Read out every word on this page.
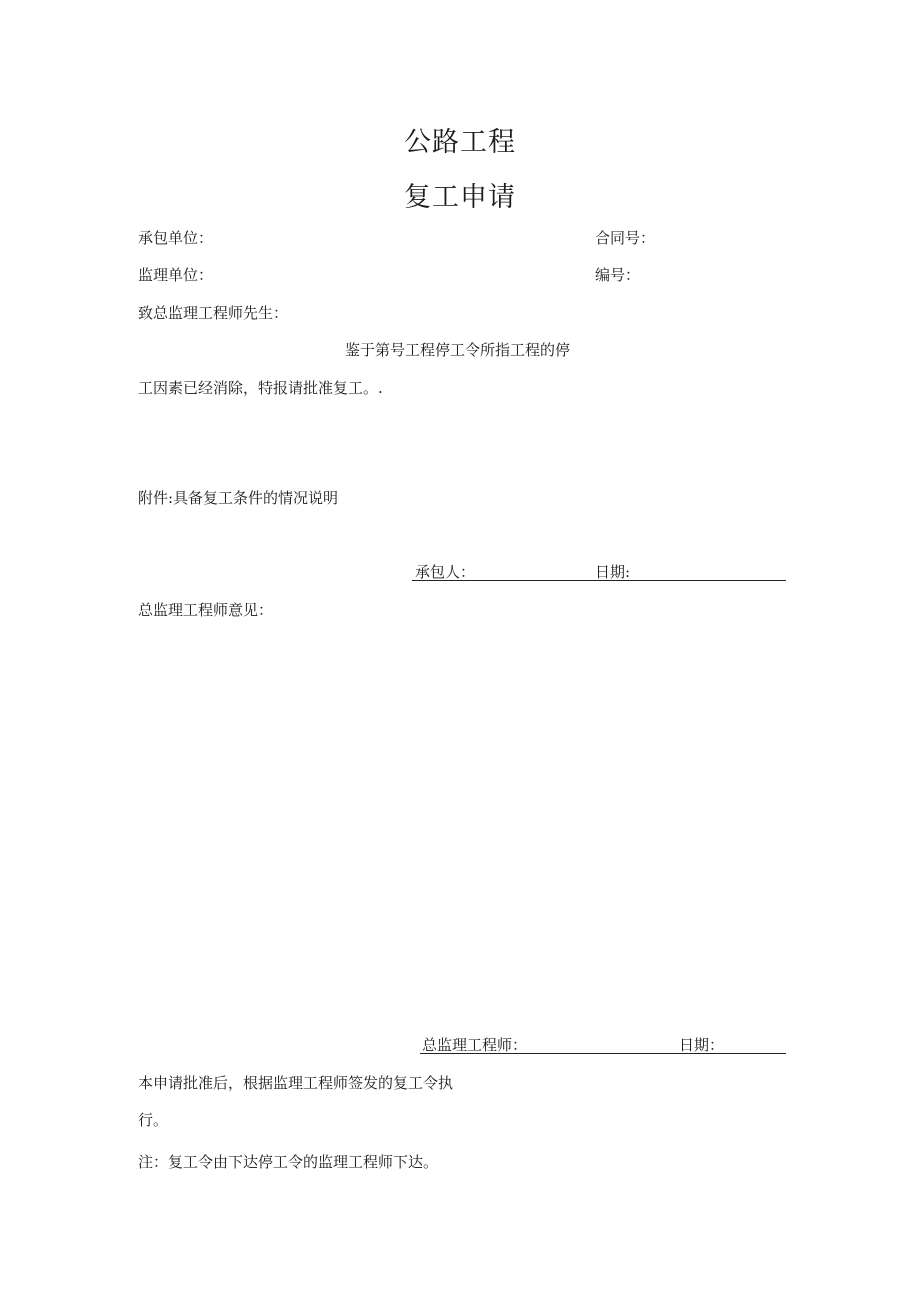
公路工程
复工申请
承包单位：	合同号：
监理单位：	编号：
致总监理工程师先生：
鉴于第号工程停工令所指工程的停
工因素已经消除，特报请批准复工。.
附件:具备复工条件的情况说明
承包人：	日期:
总监理工程师意见：
总监理工程师：	日期：
本申请批准后，根据监理工程师签发的复工令执
行。
注：复工令由下达停工令的监理工程师下达。
